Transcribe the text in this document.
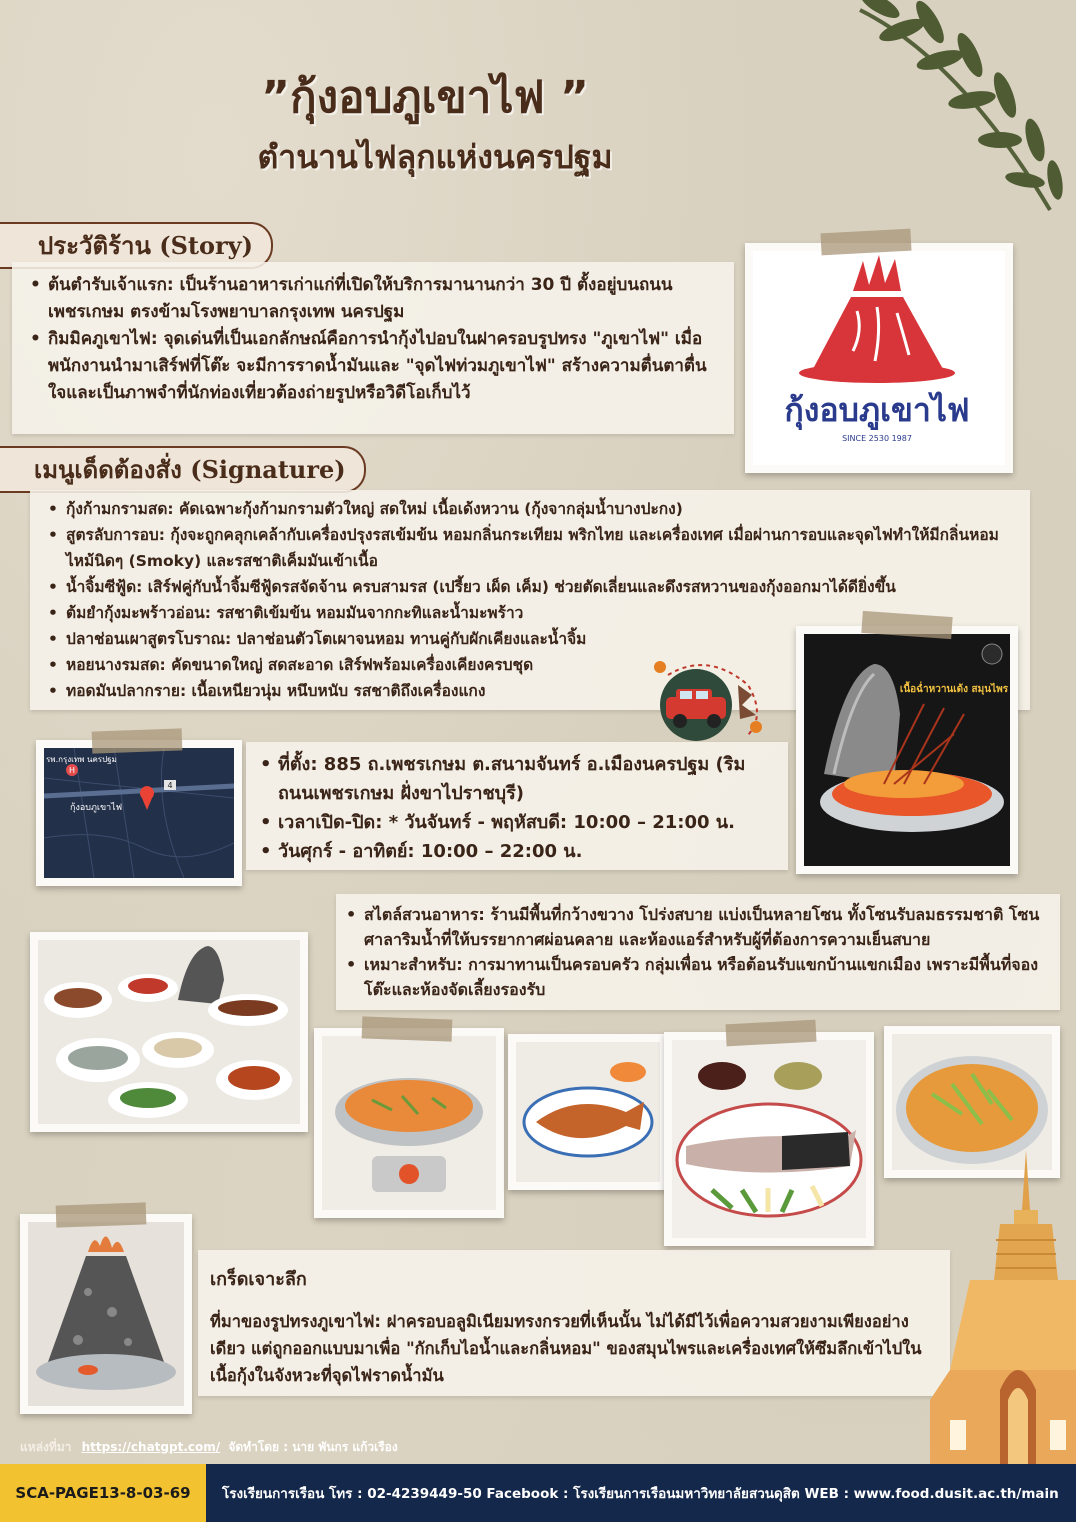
”กุ้งอบภูเขาไฟ ”
ตำนานไฟลุกแห่งนครปฐม
ประวัติร้าน (Story)
• ต้นตำรับเจ้าแรก: เป็นร้านอาหารเก่าแก่ที่เปิดให้บริการมานานกว่า 30 ปี ตั้งอยู่บนถนนเพชรเกษม ตรงข้ามโรงพยาบาลกรุงเทพ นครปฐม
• กิมมิคภูเขาไฟ: จุดเด่นที่เป็นเอกลักษณ์คือการนำกุ้งไปอบในฝาครอบรูปทรง "ภูเขาไฟ" เมื่อพนักงานนำมาเสิร์ฟที่โต๊ะ จะมีการราดน้ำมันและ "จุดไฟท่วมภูเขาไฟ" สร้างความตื่นตาตื่นใจและเป็นภาพจำที่นักท่องเที่ยวต้องถ่ายรูปหรือวิดีโอเก็บไว้	กุ้งอบภูเขาไฟ
SINCE 2530 1987
เมนูเด็ดต้องสั่ง (Signature)
• กุ้งก้ามกรามสด: คัดเฉพาะกุ้งก้ามกรามตัวใหญ่ สดใหม่ เนื้อเด้งหวาน (กุ้งจากลุ่มน้ำบางปะกง)
• สูตรลับการอบ: กุ้งจะถูกคลุกเคล้ากับเครื่องปรุงรสเข้มข้น หอมกลิ่นกระเทียม พริกไทย และเครื่องเทศ เมื่อผ่านการอบและจุดไฟทำให้มีกลิ่นหอมไหม้นิดๆ (Smoky) และรสชาติเค็มมันเข้าเนื้อ
• น้ำจิ้มซีฟู้ด: เสิร์ฟคู่กับน้ำจิ้มซีฟู้ดรสจัดจ้าน ครบสามรส (เปรี้ยว เผ็ด เค็ม) ช่วยตัดเลี่ยนและดึงรสหวานของกุ้งออกมาได้ดียิ่งขึ้น
• ต้มยำกุ้งมะพร้าวอ่อน: รสชาติเข้มข้น หอมมันจากกะทิและน้ำมะพร้าว
• ปลาช่อนเผาสูตรโบราณ: ปลาช่อนตัวโตเผาจนหอม ทานคู่กับผักเคียงและน้ำจิ้ม
• หอยนางรมสด: คัดขนาดใหญ่ สดสะอาด เสิร์ฟพร้อมเครื่องเคียงครบชุด
• ทอดมันปลากราย: เนื้อเหนียวนุ่ม หนึบหนับ รสชาติถึงเครื่องแกง	เนื้อฉ่ำหวานเด้ง สมุนไพร
4
H
รพ.กรุงเทพ นครปฐม
กุ้งอบภูเขาไฟ
• ที่ตั้ง: 885 ถ.เพชรเกษม ต.สนามจันทร์ อ.เมืองนครปฐม (ริมถนนเพชรเกษม ฝั่งขาไปราชบุรี)
• เวลาเปิด-ปิด: * วันจันทร์ - พฤหัสบดี: 10:00 – 21:00 น.
• วันศุกร์ - อาทิตย์: 10:00 – 22:00 น.
• สไตล์สวนอาหาร: ร้านมีพื้นที่กว้างขวาง โปร่งสบาย แบ่งเป็นหลายโซน ทั้งโซนรับลมธรรมชาติ โซนศาลาริมน้ำที่ให้บรรยากาศผ่อนคลาย และห้องแอร์สำหรับผู้ที่ต้องการความเย็นสบาย
• เหมาะสำหรับ: การมาทานเป็นครอบครัว กลุ่มเพื่อน หรือต้อนรับแขกบ้านแขกเมือง เพราะมีพื้นที่จองโต๊ะและห้องจัดเลี้ยงรองรับ
เกร็ดเจาะลึก
ที่มาของรูปทรงภูเขาไฟ: ฝาครอบอลูมิเนียมทรงกรวยที่เห็นนั้น ไม่ได้มีไว้เพื่อความสวยงามเพียงอย่างเดียว แต่ถูกออกแบบมาเพื่อ "กักเก็บไอน้ำและกลิ่นหอม" ของสมุนไพรและเครื่องเทศให้ซึมลึกเข้าไปในเนื้อกุ้งในจังหวะที่จุดไฟราดน้ำมัน
แหล่งที่มา https://chatgpt.com/ จัดทำโดย : นาย พันกร แก้วเรือง
SCA-PAGE13-8-03-69	โรงเรียนการเรือน โทร : 02-4239449-50 Facebook : โรงเรียนการเรือนมหาวิทยาลัยสวนดุสิต WEB : www.food.dusit.ac.th/main
